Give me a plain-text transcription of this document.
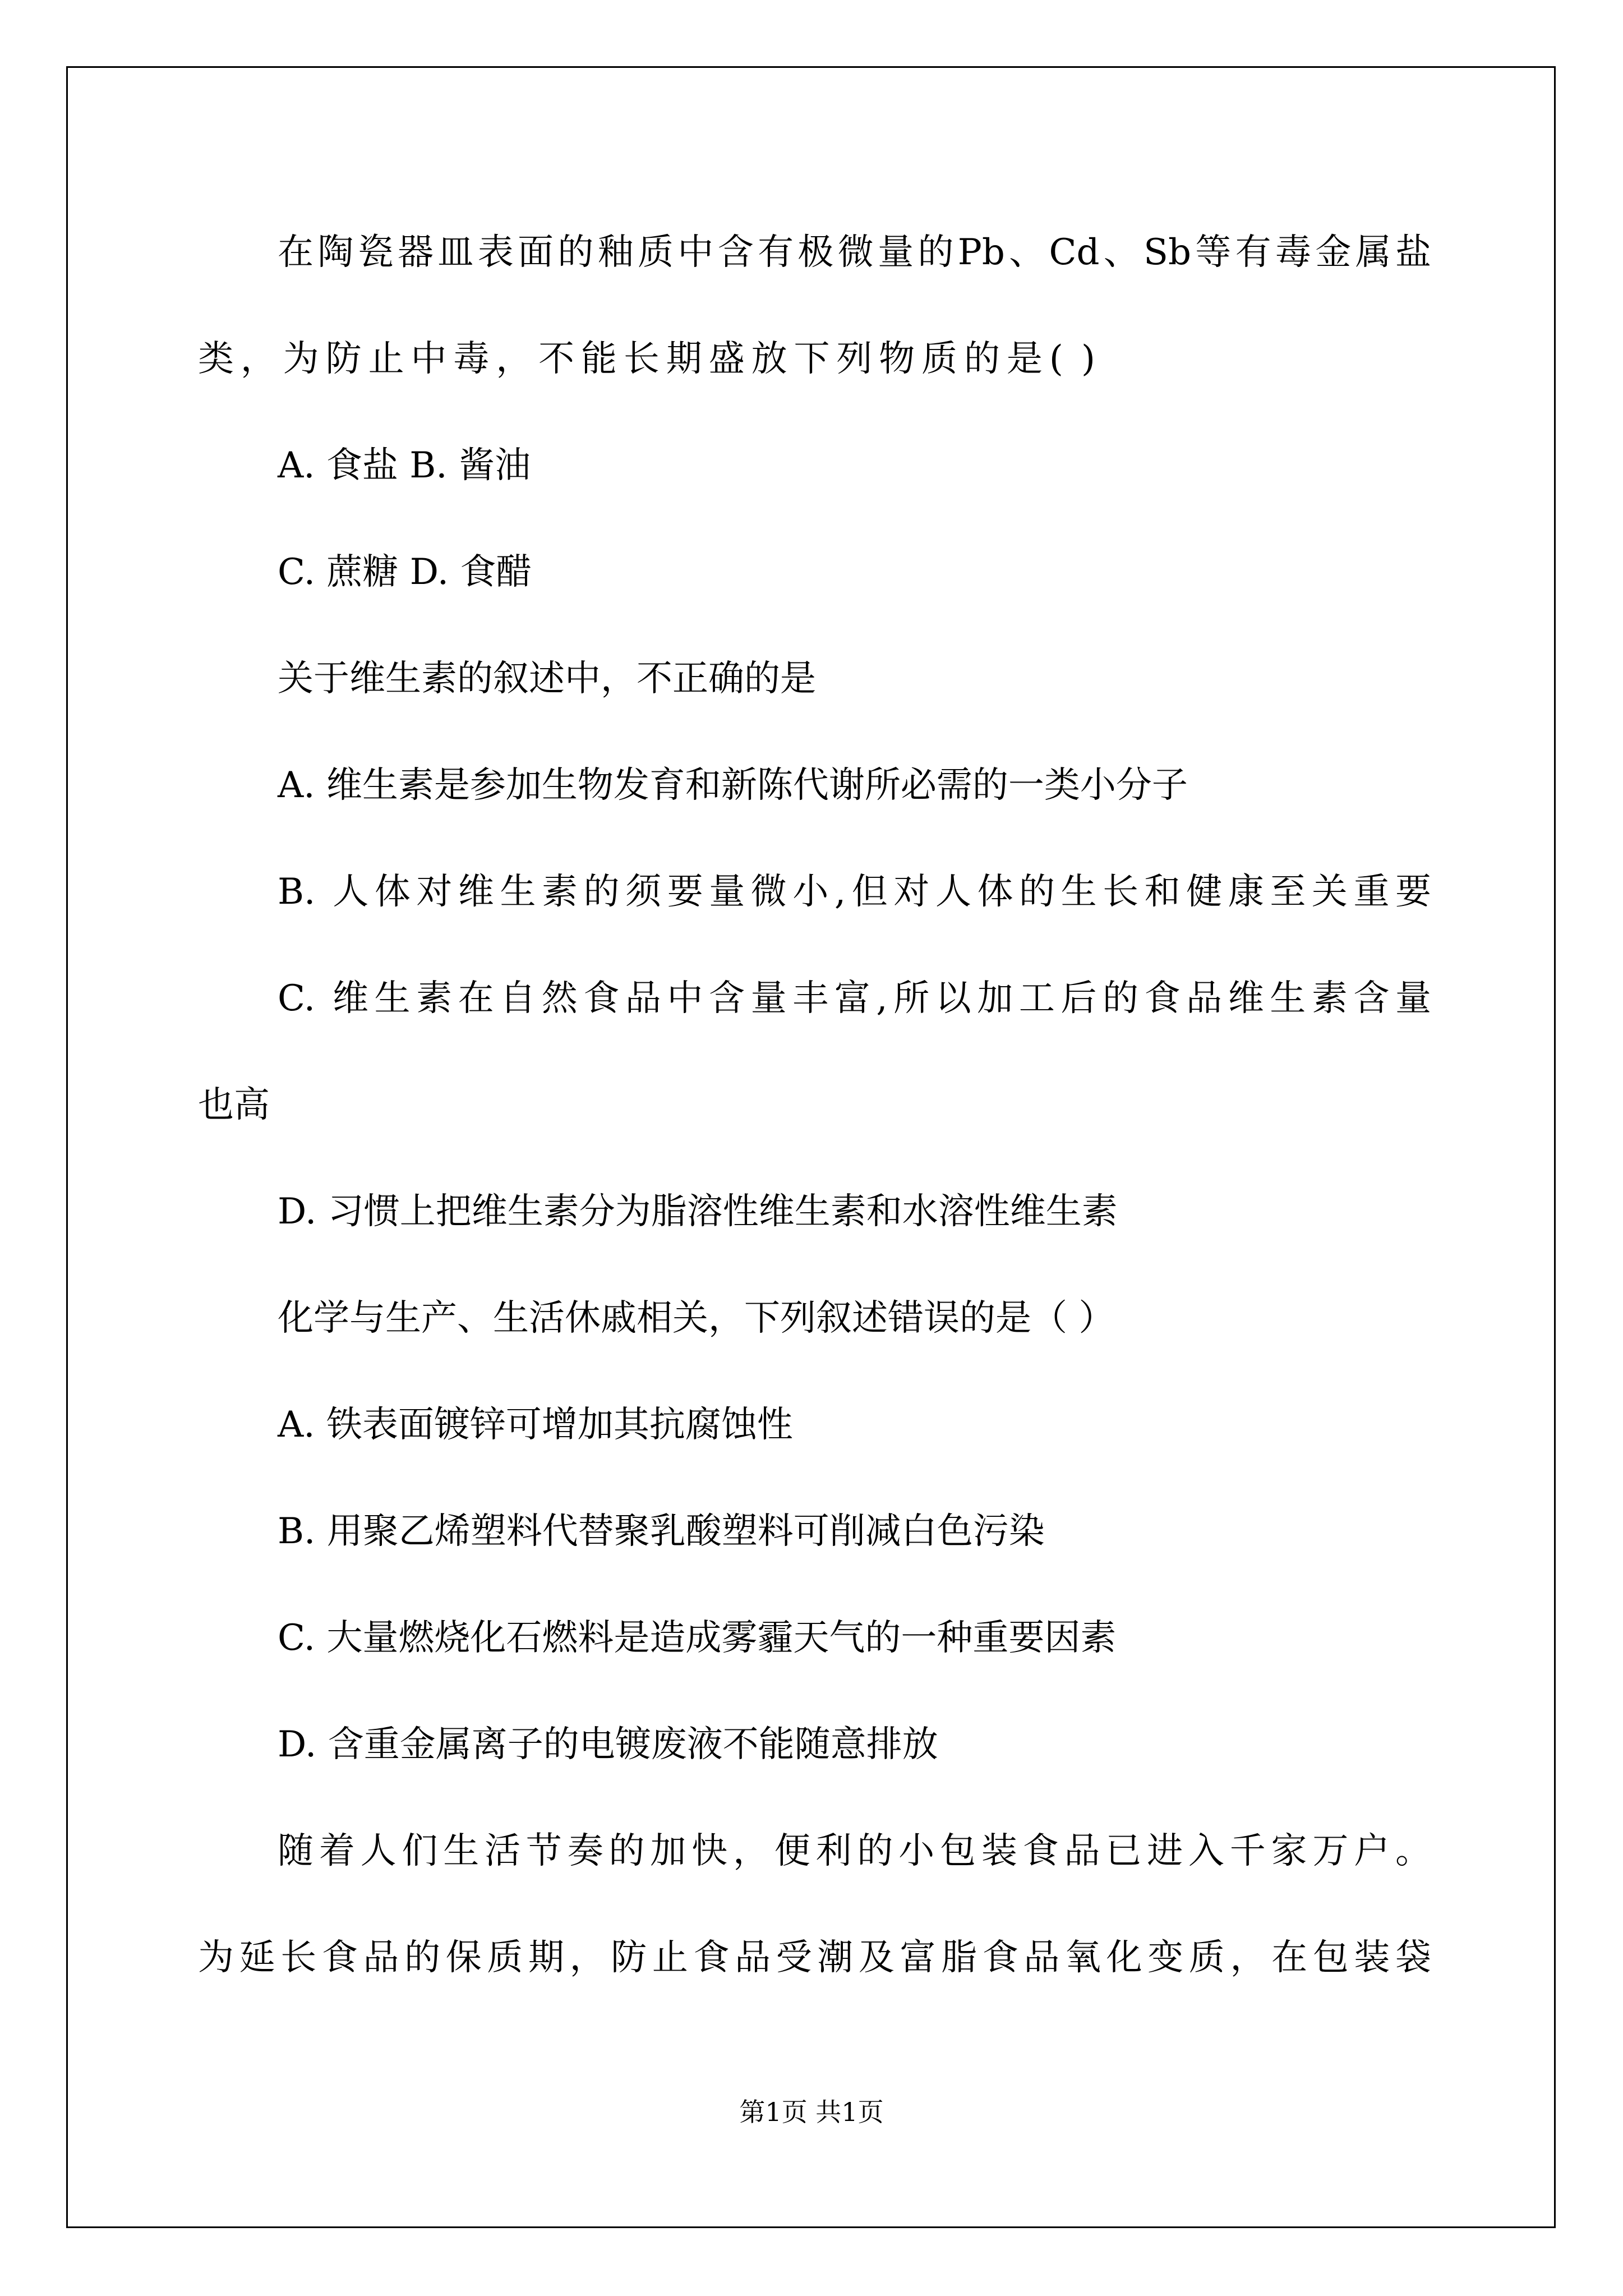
在陶瓷器皿表面的釉质中含有极微量的Pb、Cd、Sb等有毒金属盐
类，为防止中毒，不能长期盛放下列物质的是( )
A. 食盐 B. 酱油
C. 蔗糖 D. 食醋
关于维生素的叙述中，不正确的是
A. 维生素是参加生物发育和新陈代谢所必需的一类小分子
B. 人体对维生素的须要量微小,但对人体的生长和健康至关重要
C. 维生素在自然食品中含量丰富,所以加工后的食品维生素含量
也高
D. 习惯上把维生素分为脂溶性维生素和水溶性维生素
化学与生产、生活休戚相关，下列叙述错误的是（ ）
A. 铁表面镀锌可增加其抗腐蚀性
B. 用聚乙烯塑料代替聚乳酸塑料可削减白色污染
C. 大量燃烧化石燃料是造成雾霾天气的一种重要因素
D. 含重金属离子的电镀废液不能随意排放
随着人们生活节奏的加快，便利的小包装食品已进入千家万户。
为延长食品的保质期，防止食品受潮及富脂食品氧化变质，在包装袋
第1页 共1页
